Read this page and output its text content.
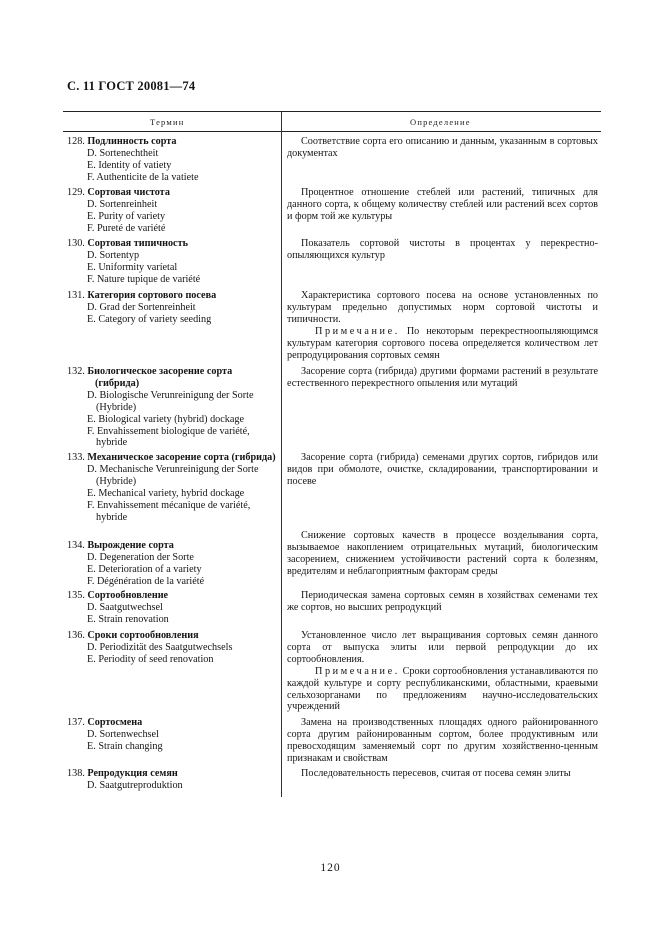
С. 11 ГОСТ 20081—74
Термин	Определение
128. Подлинность сорта
D. Sortenechtheit
E. Identity of vatiety
F. Authenticite de la vatiete

Соответствие сорта его описанию и данным, указанным в сортовых документах

129. Сортовая чистота
D. Sortenreinheit
E. Purity of variety
F. Pureté de variété

Процентное отношение стеблей или растений, типичных для данного сорта, к общему количеству стеблей или растений всех сортов и форм той же культуры

130. Сортовая типичность
D. Sortentyp
E. Uniformity varíetal
F. Nature tupique de variété

Показатель сортовой чистоты в процентах у перекрестно-опыляющихся культур

131. Категория сортового посева
D. Grad der Sortenreinheit
E. Category of variety seeding

Характеристика сортового посева на основе установленных по культурам предельно допустимых норм сортовой чистоты и типичности.

Примечание. По некоторым перекрестноопыляющимся культурам категория сортового посева определяется количеством лет репродуцирования сортовых семян

132. Биологическое засорение сорта (гибрида)
D. Biologische Verunreinigung der Sorte (Hybride)
E. Biological variety (hybrid) dockage
F. Envahissement biologique de variété, hybride

Засорение сорта (гибрида) другими формами растений в результате естественного перекрестного опыления или мутаций

133. Механическое засорение сорта (гибрида)
D. Mechanische Verunreinigung der Sorte (Hybride)
E. Mechanical variety, hybrid dockage
F. Envahissement mécanique de variété, hybride

Засорение сорта (гибрида) семенами других сортов, гибридов или видов при обмолоте, очистке, складировании, транспортировании и посеве

134. Вырождение сорта
D. Degeneration der Sorte
E. Deterioration of a variety
F. Dégénération de la variété

Снижение сортовых качеств в процессе возделывания сорта, вызываемое накоплением отрицательных мутаций, биологическим засорением, снижением устойчивости растений сорта к болезням, вредителям и неблагоприятным факторам среды

135. Сортообновление
D. Saatgutwechsel
E. Strain renovation

Периодическая замена сортовых семян в хозяйствах семенами тех же сортов, но высших репродукций

136. Сроки сортообновления
D. Periodizität des Saatgutwechsels
E. Periodity of seed renovation

Установленное число лет выращивания сортовых семян данного сорта от выпуска элиты или первой репродукции до их сортообновления.

Примечание. Сроки сортообновления устанавливаются по каждой культуре и сорту республиканскими, областными, краевыми сельхозорганами по предложениям научно-исследовательских учреждений

137. Сортосмена
D. Sortenwechsel
E. Strain changing

Замена на производственных площадях одного районированного сорта другим районированным сортом, более продуктивным или превосходящим заменяемый сорт по другим хозяйственно-ценным признакам и свойствам

138. Репродукция семян
D. Saatgutreproduktion

Последовательность пересевов, считая от посева семян элиты

120
